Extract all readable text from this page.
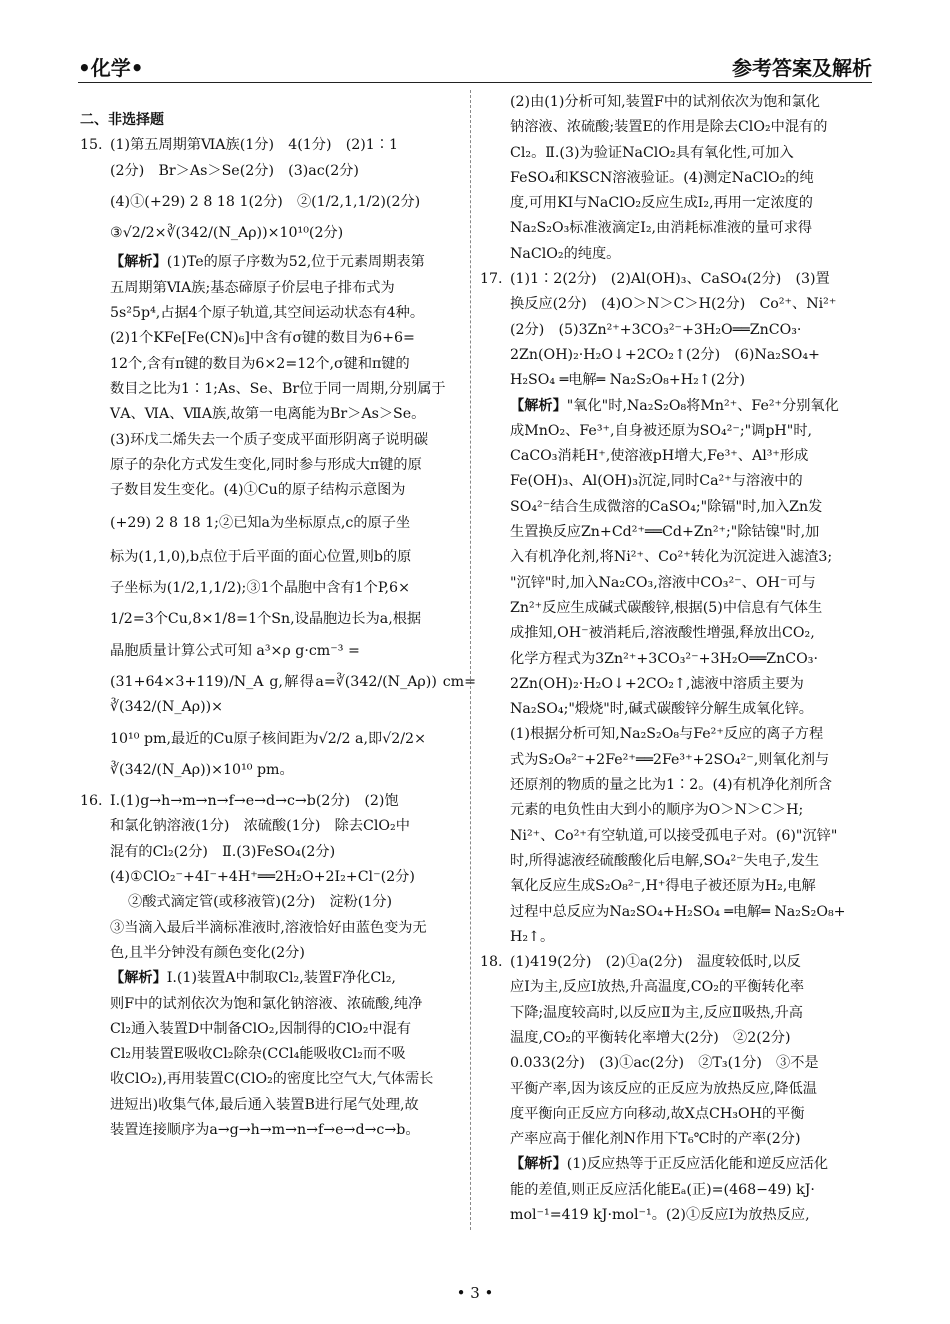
•化学•	参考答案及解析

二、非选择题

15. (1)第五周期第ⅥA族(1分)　4(1分)　(2)1∶1

(2分)　Br＞As＞Se(2分)　(3)ac(2分)

(4)①(+29) 2 8 18 1(2分)　②(1/2,1,1/2)(2分)

③√2/2×∛(342/(N_Aρ))×10¹⁰(2分)

【解析】(1)Te的原子序数为52,位于元素周期表第

五周期第ⅥA族;基态碲原子价层电子排布式为

5s²5p⁴,占据4个原子轨道,其空间运动状态有4种。

(2)1个KFe[Fe(CN)₆]中含有σ键的数目为6+6=

12个,含有π键的数目为6×2=12个,σ键和π键的

数目之比为1∶1;As、Se、Br位于同一周期,分别属于

ⅤA、ⅥA、ⅦA族,故第一电离能为Br＞As＞Se。

(3)环戊二烯失去一个质子变成平面形阴离子说明碳

原子的杂化方式发生变化,同时参与形成大π键的原

子数目发生变化。(4)①Cu的原子结构示意图为

(+29) 2 8 18 1;②已知a为坐标原点,c的原子坐

标为(1,1,0),b点位于后平面的面心位置,则b的原

子坐标为(1/2,1,1/2);③1个晶胞中含有1个P,6×

1/2=3个Cu,8×1/8=1个Sn,设晶胞边长为a,根据

晶胞质量计算公式可知 a³×ρ g·cm⁻³ =

(31+64×3+119)/N_A g,解得a=∛(342/(N_Aρ)) cm=∛(342/(N_Aρ))×

10¹⁰ pm,最近的Cu原子核间距为√2/2 a,即√2/2×

∛(342/(N_Aρ))×10¹⁰ pm。

16. Ⅰ.(1)g→h→m→n→f→e→d→c→b(2分)　(2)饱

和氯化钠溶液(1分)　浓硫酸(1分)　除去ClO₂中

混有的Cl₂(2分)　Ⅱ.(3)FeSO₄(2分)

(4)①ClO₂⁻+4I⁻+4H⁺══2H₂O+2I₂+Cl⁻(2分)

②酸式滴定管(或移液管)(2分)　淀粉(1分)

③当滴入最后半滴标准液时,溶液恰好由蓝色变为无

色,且半分钟没有颜色变化(2分)

【解析】Ⅰ.(1)装置A中制取Cl₂,装置F净化Cl₂,

则F中的试剂依次为饱和氯化钠溶液、浓硫酸,纯净

Cl₂通入装置D中制备ClO₂,因制得的ClO₂中混有

Cl₂用装置E吸收Cl₂除杂(CCl₄能吸收Cl₂而不吸

收ClO₂),再用装置C(ClO₂的密度比空气大,气体需长

进短出)收集气体,最后通入装置B进行尾气处理,故

装置连接顺序为a→g→h→m→n→f→e→d→c→b。

(2)由(1)分析可知,装置F中的试剂依次为饱和氯化

钠溶液、浓硫酸;装置E的作用是除去ClO₂中混有的

Cl₂。Ⅱ.(3)为验证NaClO₂具有氧化性,可加入

FeSO₄和KSCN溶液验证。(4)测定NaClO₂的纯

度,可用KI与NaClO₂反应生成I₂,再用一定浓度的

Na₂S₂O₃标准液滴定I₂,由消耗标准液的量可求得

NaClO₂的纯度。

17. (1)1∶2(2分)　(2)Al(OH)₃、CaSO₄(2分)　(3)置

换反应(2分)　(4)O＞N＞C＞H(2分)　Co²⁺、Ni²⁺

(2分)　(5)3Zn²⁺+3CO₃²⁻+3H₂O══ZnCO₃·

2Zn(OH)₂·H₂O↓+2CO₂↑(2分)　(6)Na₂SO₄+

H₂SO₄ ═电解═ Na₂S₂O₈+H₂↑(2分)

【解析】"氧化"时,Na₂S₂O₈将Mn²⁺、Fe²⁺分别氧化

成MnO₂、Fe³⁺,自身被还原为SO₄²⁻;"调pH"时,

CaCO₃消耗H⁺,使溶液pH增大,Fe³⁺、Al³⁺形成

Fe(OH)₃、Al(OH)₃沉淀,同时Ca²⁺与溶液中的

SO₄²⁻结合生成微溶的CaSO₄;"除镉"时,加入Zn发

生置换反应Zn+Cd²⁺══Cd+Zn²⁺;"除钴镍"时,加

入有机净化剂,将Ni²⁺、Co²⁺转化为沉淀进入滤渣3;

"沉锌"时,加入Na₂CO₃,溶液中CO₃²⁻、OH⁻可与

Zn²⁺反应生成碱式碳酸锌,根据(5)中信息有气体生

成推知,OH⁻被消耗后,溶液酸性增强,释放出CO₂,

化学方程式为3Zn²⁺+3CO₃²⁻+3H₂O══ZnCO₃·

2Zn(OH)₂·H₂O↓+2CO₂↑,滤液中溶质主要为

Na₂SO₄;"煅烧"时,碱式碳酸锌分解生成氧化锌。

(1)根据分析可知,Na₂S₂O₈与Fe²⁺反应的离子方程

式为S₂O₈²⁻+2Fe²⁺══2Fe³⁺+2SO₄²⁻,则氧化剂与

还原剂的物质的量之比为1∶2。(4)有机净化剂所含

元素的电负性由大到小的顺序为O＞N＞C＞H;

Ni²⁺、Co²⁺有空轨道,可以接受孤电子对。(6)"沉锌"

时,所得滤液经硫酸酸化后电解,SO₄²⁻失电子,发生

氧化反应生成S₂O₈²⁻,H⁺得电子被还原为H₂,电解

过程中总反应为Na₂SO₄+H₂SO₄ ═电解═ Na₂S₂O₈+

H₂↑。

18. (1)419(2分)　(2)①a(2分)　温度较低时,以反

应Ⅰ为主,反应Ⅰ放热,升高温度,CO₂的平衡转化率

下降;温度较高时,以反应Ⅱ为主,反应Ⅱ吸热,升高

温度,CO₂的平衡转化率增大(2分)　②2(2分)

0.033(2分)　(3)①ac(2分)　②T₃(1分)　③不是

平衡产率,因为该反应的正反应为放热反应,降低温

度平衡向正反应方向移动,故X点CH₃OH的平衡

产率应高于催化剂N作用下T₆℃时的产率(2分)

【解析】(1)反应热等于正反应活化能和逆反应活化

能的差值,则正反应活化能Eₐ(正)=(468−49) kJ·

mol⁻¹=419 kJ·mol⁻¹。(2)①反应Ⅰ为放热反应,

• 3 •
